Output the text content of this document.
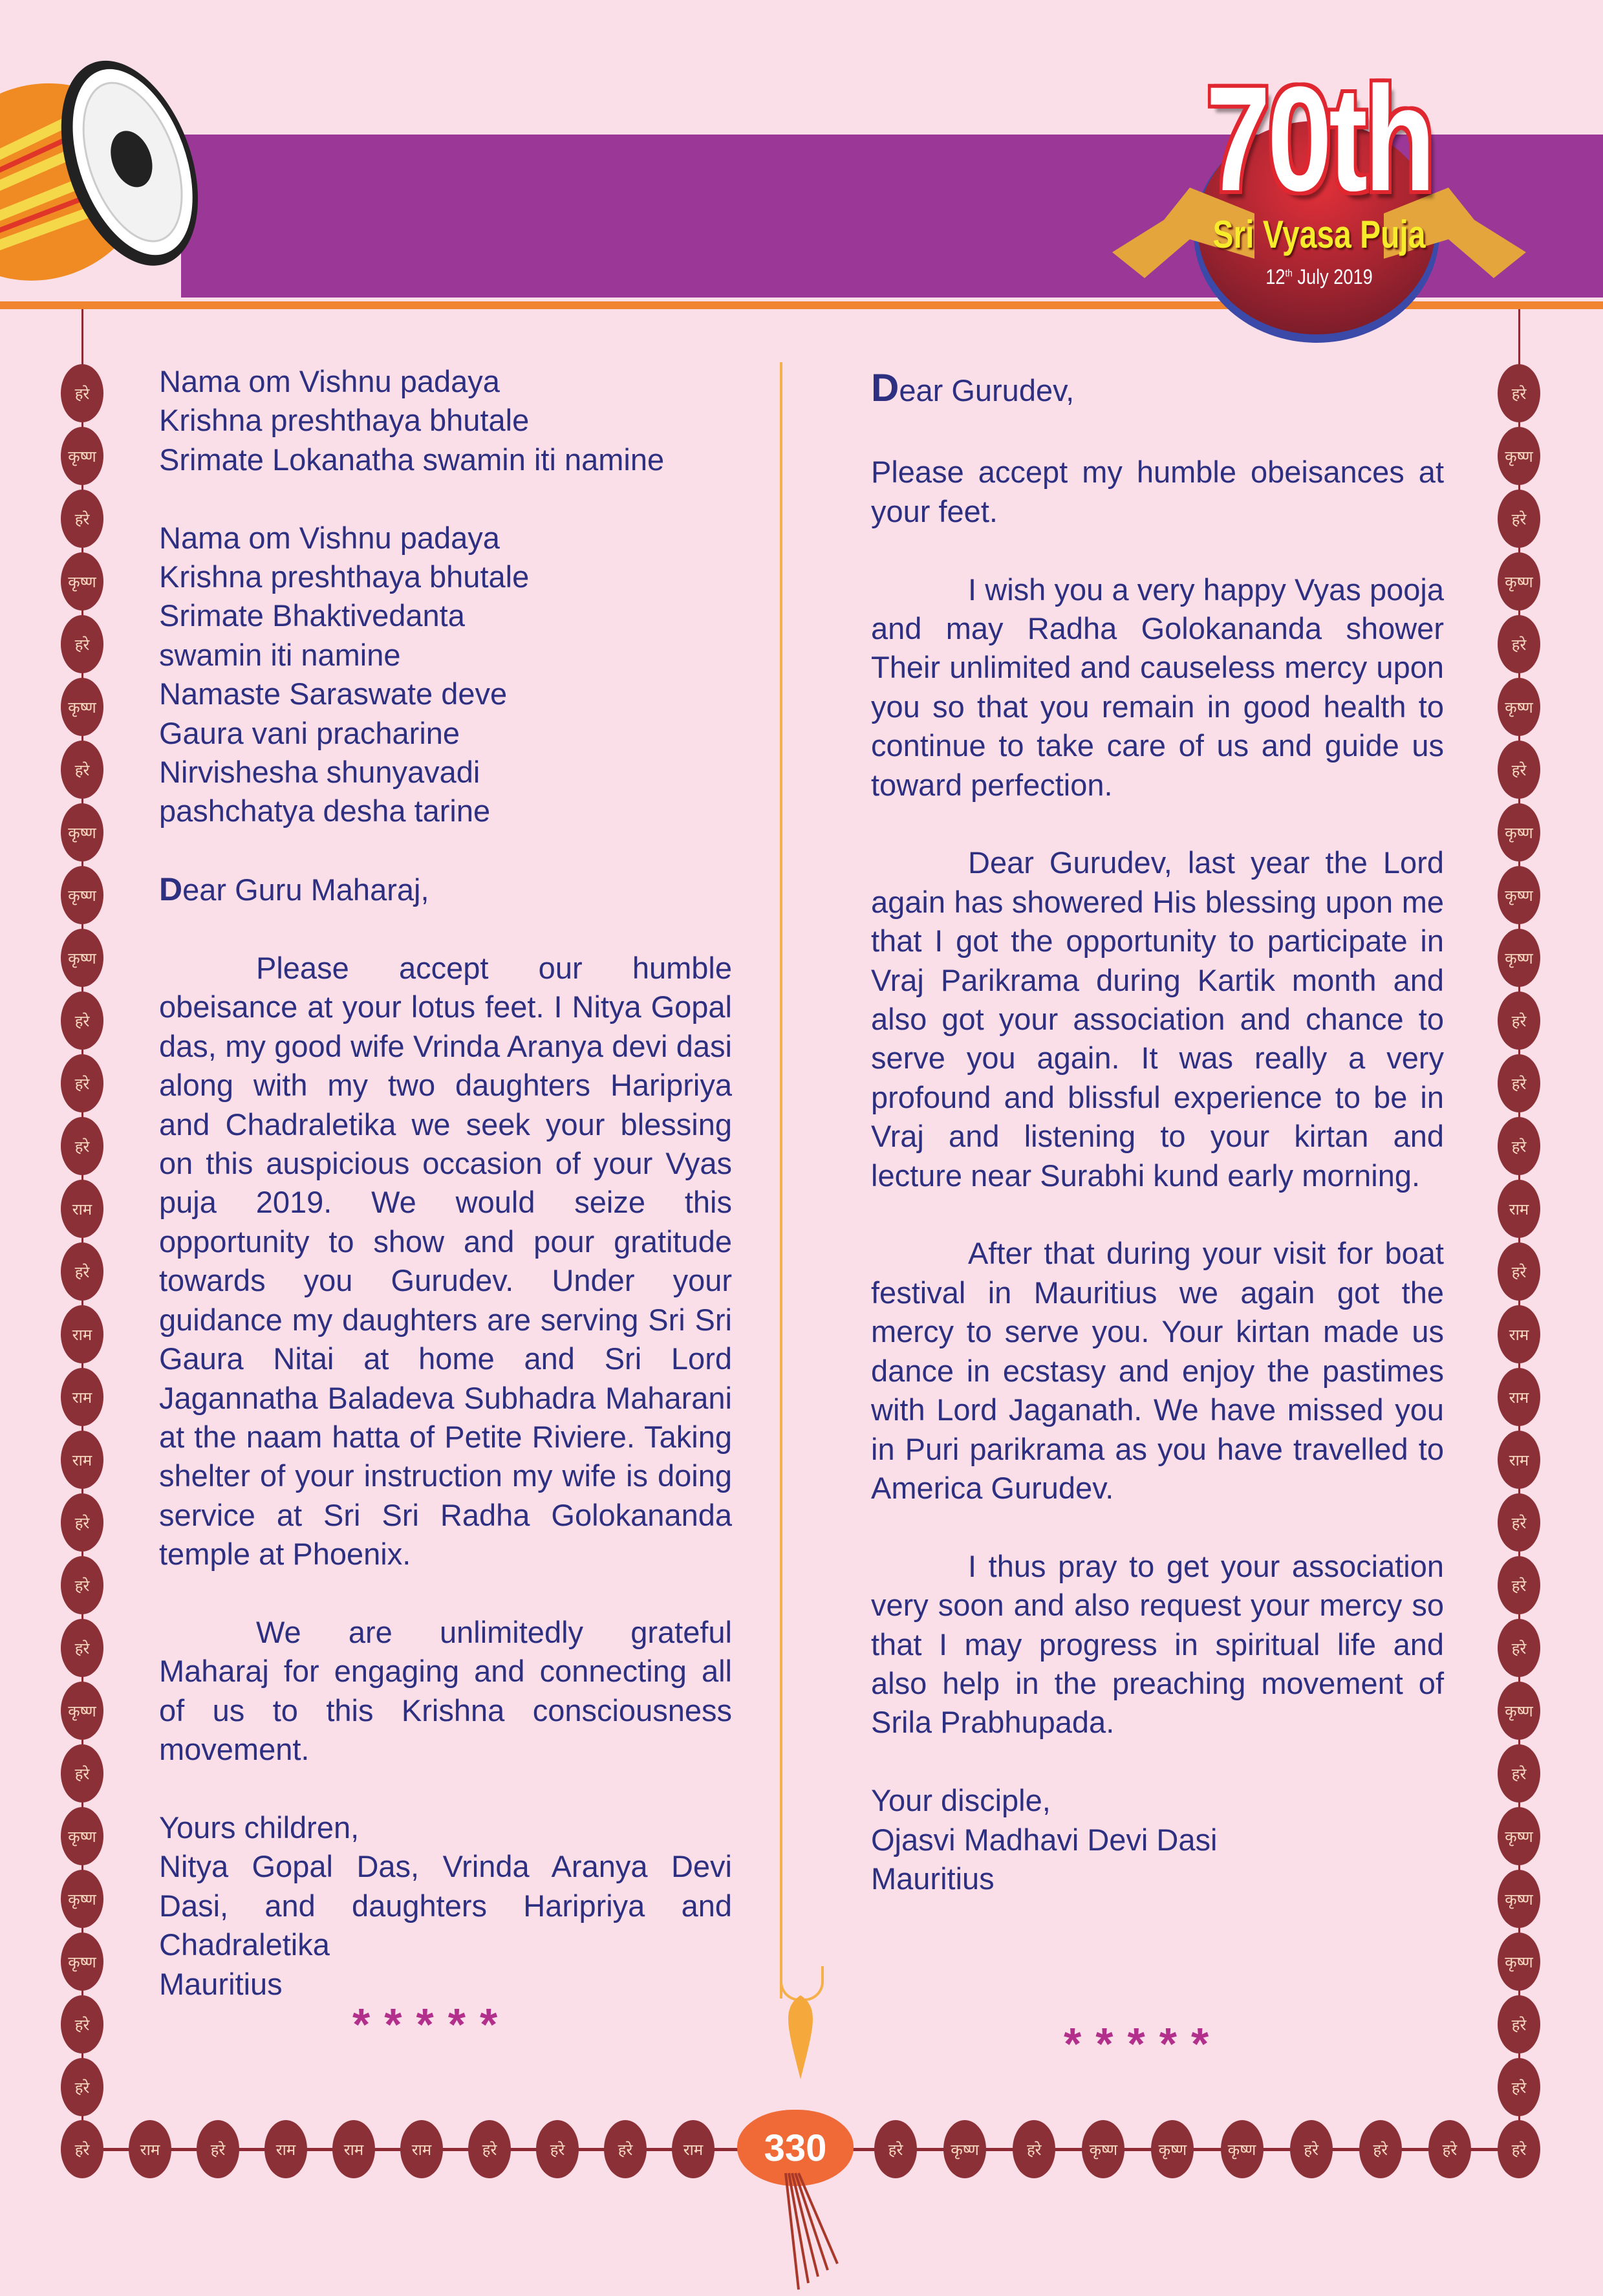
70th
Sri Vyasa Puja
12th July 2019
हरे
कृष्ण
हरे
कृष्ण
हरे
कृष्ण
हरे
कृष्ण
कृष्ण
कृष्ण
हरे
हरे
हरे
राम
हरे
राम
राम
राम
हरे
हरे
हरे
कृष्ण
हरे
कृष्ण
कृष्ण
कृष्ण
हरे
हरे
हरे
कृष्ण
हरे
कृष्ण
हरे
कृष्ण
हरे
कृष्ण
कृष्ण
कृष्ण
हरे
हरे
हरे
राम
हरे
राम
राम
राम
हरे
हरे
हरे
कृष्ण
हरे
कृष्ण
कृष्ण
कृष्ण
हरे
हरे
हरे	राम	हरे	राम	राम	राम	हरे	हरे	हरे	राम	हरे	कृष्ण	हरे	कृष्ण	कृष्ण	कृष्ण	हरे	हरे	हरे	हरे
330

Nama om Vishnu padaya
Krishna preshthaya bhutale
Srimate Lokanatha swamin iti namine

Nama om Vishnu padaya
Krishna preshthaya bhutale
Srimate Bhaktivedanta
swamin iti namine
Namaste Saraswate deve
Gaura vani pracharine
Nirvishesha shunyavadi
pashchatya desha tarine

Dear Guru Maharaj,

Please accept our humble obeisance at your lotus feet. I Nitya Gopal das, my good wife Vrinda Aranya devi dasi along with my two daughters Haripriya and Chadraletika we seek your blessing on this auspicious occasion of your Vyas puja 2019. We would seize this opportunity to show and pour gratitude towards you Gurudev. Under your guidance my daughters are serving Sri Sri Gaura Nitai at home and Sri Lord Jagannatha Baladeva Subhadra Maharani at the naam hatta of Petite Riviere. Taking shelter of your instruction my wife is doing service at Sri Sri Radha Golokananda temple at Phoenix.

We are unlimitedly grateful Maharaj for engaging and connecting all of us to this Krishna consciousness movement.

Yours children,
Nitya Gopal Das, Vrinda Aranya Devi Dasi, and daughters Haripriya and Chadraletika
Mauritius

*****

Dear Gurudev,

Please accept my humble obeisances at your feet.

I wish you a very happy Vyas pooja and may Radha Golokananda shower Their unlimited and causeless mercy upon you so that you remain in good health to continue to take care of us and guide us toward perfection.

Dear Gurudev, last year the Lord again has showered His blessing upon me that I got the opportunity to participate in Vraj Parikrama during Kartik month and also got your association and chance to serve you again. It was really a very profound and blissful experience to be in Vraj and listening to your kirtan and lecture near Surabhi kund early morning.

After that during your visit for boat festival in Mauritius we again got the mercy to serve you. Your kirtan made us dance in ecstasy and enjoy the pastimes with Lord Jaganath. We have missed you in Puri parikrama as you have travelled to America Gurudev.

I thus pray to get your association very soon and also request your mercy so that I may progress in spiritual life and also help in the preaching movement of Srila Prabhupada.

Your disciple,
Ojasvi Madhavi Devi Dasi
Mauritius

*****
